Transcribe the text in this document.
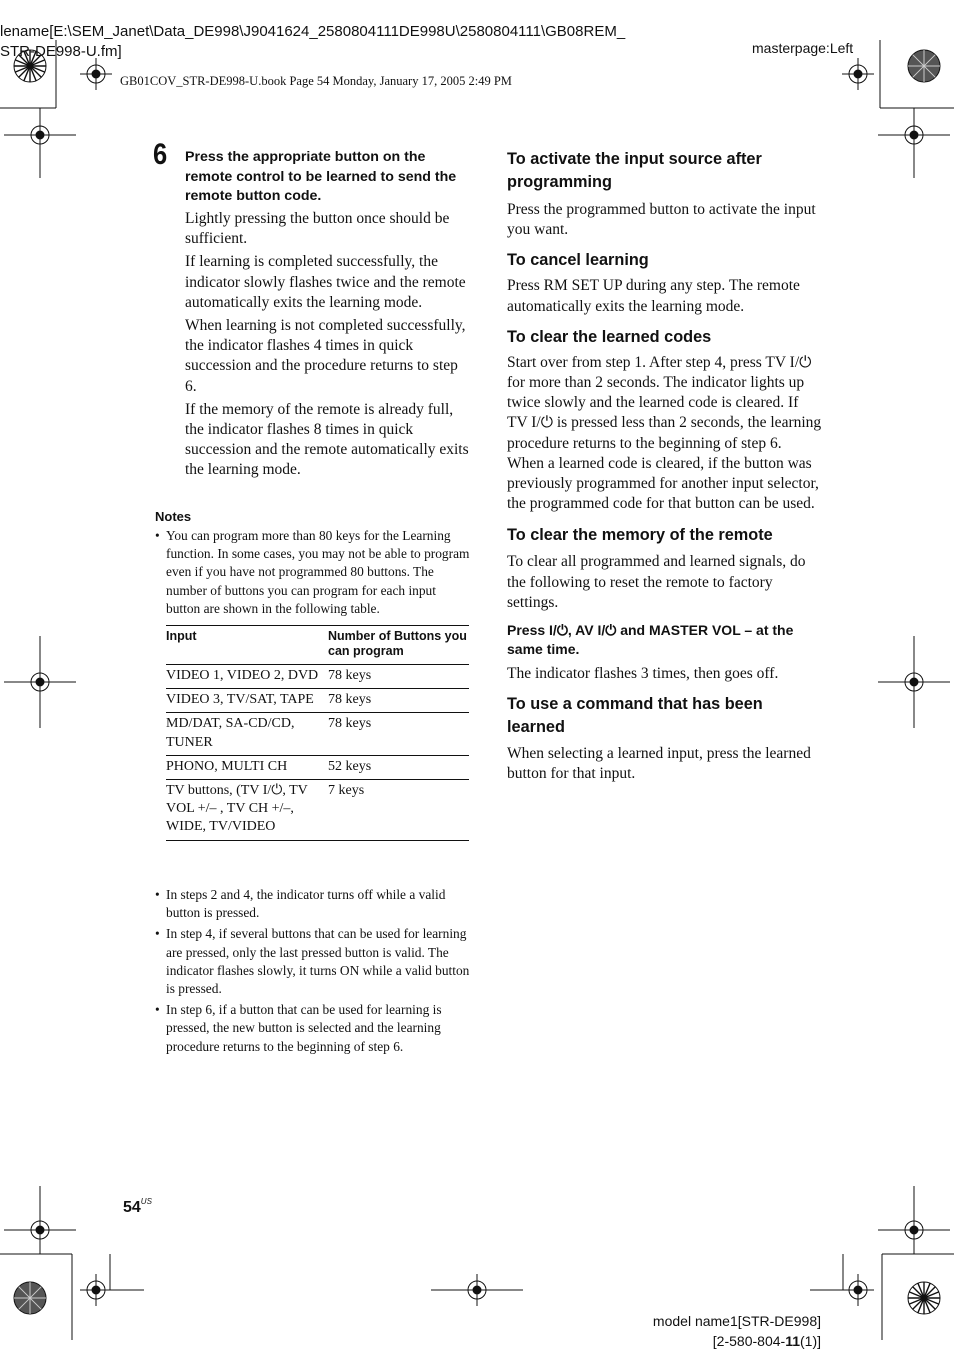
lename[E:\SEM_Janet\Data_DE998\J9041624_2580804111DE998U\2580804111\GB08REM_
STR-DE998-U.fm]	masterpage:Left
GB01COV_STR-DE998-U.book Page 54 Monday, January 17, 2005 2:49 PM
6 Press the appropriate button on the remote control to be learned to send the remote button code.

Lightly pressing the button once should be sufficient.

If learning is completed successfully, the indicator slowly flashes twice and the remote automatically exits the learning mode.

When learning is not completed successfully, the indicator flashes 4 times in quick succession and the procedure returns to step 6.

If the memory of the remote is already full, the indicator flashes 8 times in quick succession and the remote automatically exits the learning mode.

Notes
• You can program more than 80 keys for the Learning function. In some cases, you may not be able to program even if you have not programmed 80 buttons. The number of buttons you can program for each input button are shown in the following table.
Input	Number of Buttons you can program
VIDEO 1, VIDEO 2, DVD	78 keys
VIDEO 3, TV/SAT, TAPE	78 keys
MD/DAT, SA-CD/CD, TUNER	78 keys
PHONO, MULTI CH	52 keys
TV buttons, (TV I/⏻, TV VOL +/– , TV CH +/–, WIDE, TV/VIDEO	7 keys
• In steps 2 and 4, the indicator turns off while a valid button is pressed.
• In step 4, if several buttons that can be used for learning are pressed, only the last pressed button is valid. The indicator flashes slowly, it turns ON while a valid button is pressed.
• In step 6, if a button that can be used for learning is pressed, the new button is selected and the learning procedure returns to the beginning of step 6.
To activate the input source after programming
Press the programmed button to activate the input you want.
To cancel learning
Press RM SET UP during any step. The remote automatically exits the learning mode.
To clear the learned codes
Start over from step 1. After step 4, press TV I/⏻ for more than 2 seconds. The indicator lights up twice slowly and the learned code is cleared. If TV I/⏻ is pressed less than 2 seconds, the learning procedure returns to the beginning of step 6.
When a learned code is cleared, if the button was previously programmed for another input selector, the programmed code for that button can be used.
To clear the memory of the remote
To clear all programmed and learned signals, do the following to reset the remote to factory settings.
Press I/⏻, AV I/⏻ and MASTER VOL – at the same time.
The indicator flashes 3 times, then goes off.
To use a command that has been learned
When selecting a learned input, press the learned button for that input.
$54^{US}$
model name1[STR-DE998]
[2-580-804-11(1)]
